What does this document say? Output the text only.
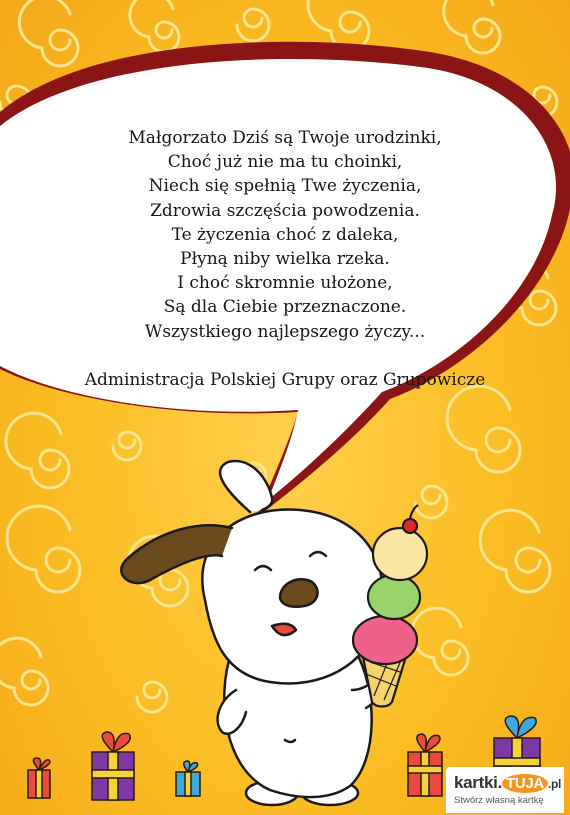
Małgorzato Dziś są Twoje urodzinki,
Choć już nie ma tu choinki,
Niech się spełnią Twe życzenia,
Zdrowia szczęścia powodzenia.
Te życzenia choć z daleka,
Płyną niby wielka rzeka.
I choć skromnie ułożone,
Są dla Ciebie przeznaczone.
Wszystkiego najlepszego życzy...
Administracja Polskiej Grupy oraz Grupowicze
kartki. TUJA .pl
Stwórz własną kartkę
